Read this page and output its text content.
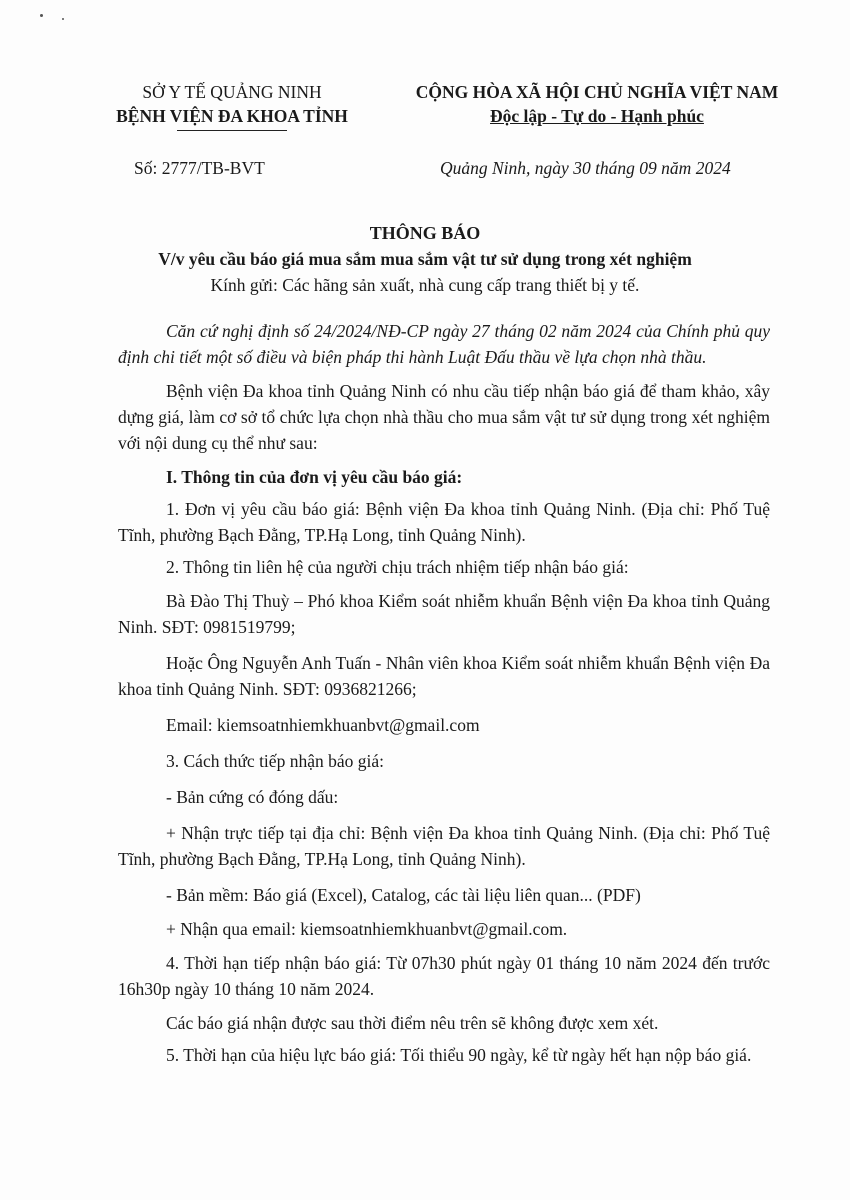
SỞ Y TẾ QUẢNG NINH
BỆNH VIỆN ĐA KHOA TỈNH
CỘNG HÒA XÃ HỘI CHỦ NGHĨA VIỆT NAM
Độc lập - Tự do - Hạnh phúc
Số: 2777/TB-BVT	Quảng Ninh, ngày 30 tháng 09 năm 2024
THÔNG BÁO
V/v yêu cầu báo giá mua sắm mua sắm vật tư sử dụng trong xét nghiệm
Kính gửi: Các hãng sản xuất, nhà cung cấp trang thiết bị y tế.

Căn cứ nghị định số 24/2024/NĐ-CP ngày 27 tháng 02 năm 2024 của Chính phủ quy định chi tiết một số điều và biện pháp thi hành Luật Đấu thầu về lựa chọn nhà thầu.

Bệnh viện Đa khoa tỉnh Quảng Ninh có nhu cầu tiếp nhận báo giá để tham khảo, xây dựng giá, làm cơ sở tổ chức lựa chọn nhà thầu cho mua sắm vật tư sử dụng trong xét nghiệm với nội dung cụ thể như sau:

I. Thông tin của đơn vị yêu cầu báo giá:

1. Đơn vị yêu cầu báo giá: Bệnh viện Đa khoa tỉnh Quảng Ninh. (Địa chỉ: Phố Tuệ Tĩnh, phường Bạch Đằng, TP.Hạ Long, tỉnh Quảng Ninh).

2. Thông tin liên hệ của người chịu trách nhiệm tiếp nhận báo giá:

Bà Đào Thị Thuỳ – Phó khoa Kiểm soát nhiễm khuẩn Bệnh viện Đa khoa tỉnh Quảng Ninh. SĐT: 0981519799;

Hoặc Ông Nguyễn Anh Tuấn - Nhân viên khoa Kiểm soát nhiễm khuẩn Bệnh viện Đa khoa tỉnh Quảng Ninh. SĐT: 0936821266;

Email: kiemsoatnhiemkhuanbvt@gmail.com

3. Cách thức tiếp nhận báo giá:

- Bản cứng có đóng dấu:

+ Nhận trực tiếp tại địa chỉ: Bệnh viện Đa khoa tỉnh Quảng Ninh. (Địa chỉ: Phố Tuệ Tĩnh, phường Bạch Đằng, TP.Hạ Long, tỉnh Quảng Ninh).

- Bản mềm: Báo giá (Excel), Catalog, các tài liệu liên quan... (PDF)

+ Nhận qua email: kiemsoatnhiemkhuanbvt@gmail.com.

4. Thời hạn tiếp nhận báo giá: Từ 07h30 phút ngày 01 tháng 10 năm 2024 đến trước 16h30p ngày 10 tháng 10 năm 2024.

Các báo giá nhận được sau thời điểm nêu trên sẽ không được xem xét.

5. Thời hạn của hiệu lực báo giá: Tối thiểu 90 ngày, kể từ ngày hết hạn nộp báo giá.
